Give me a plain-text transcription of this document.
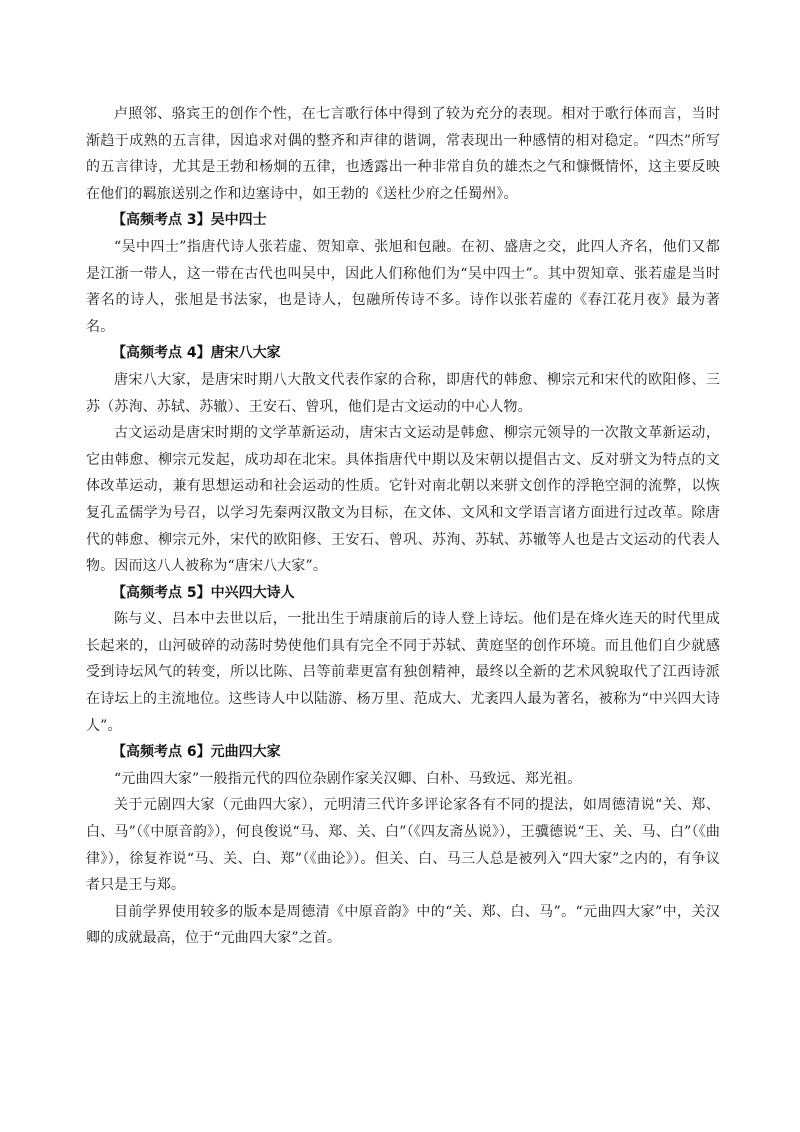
卢照邻、骆宾王的创作个性，在七言歌行体中得到了较为充分的表现。相对于歌行体而言，当时渐趋于成熟的五言律，因追求对偶的整齐和声律的谐调，常表现出一种感情的相对稳定。“四杰”所写的五言律诗，尤其是王勃和杨炯的五律，也透露出一种非常自负的雄杰之气和慷慨情怀，这主要反映在他们的羁旅送别之作和边塞诗中，如王勃的《送杜少府之任蜀州》。

【高频考点 3】吴中四士

“吴中四士”指唐代诗人张若虚、贺知章、张旭和包融。在初、盛唐之交，此四人齐名，他们又都是江浙一带人，这一带在古代也叫吴中，因此人们称他们为“吴中四士”。其中贺知章、张若虚是当时著名的诗人，张旭是书法家，也是诗人，包融所传诗不多。诗作以张若虚的《春江花月夜》最为著名。

【高频考点 4】唐宋八大家

唐宋八大家，是唐宋时期八大散文代表作家的合称，即唐代的韩愈、柳宗元和宋代的欧阳修、三苏（苏洵、苏轼、苏辙）、王安石、曾巩，他们是古文运动的中心人物。

古文运动是唐宋时期的文学革新运动，唐宋古文运动是韩愈、柳宗元领导的一次散文革新运动，它由韩愈、柳宗元发起，成功却在北宋。具体指唐代中期以及宋朝以提倡古文、反对骈文为特点的文体改革运动，兼有思想运动和社会运动的性质。它针对南北朝以来骈文创作的浮艳空洞的流弊，以恢复孔孟儒学为号召，以学习先秦两汉散文为目标，在文体、文风和文学语言诸方面进行过改革。除唐代的韩愈、柳宗元外，宋代的欧阳修、王安石、曾巩、苏洵、苏轼、苏辙等人也是古文运动的代表人物。因而这八人被称为“唐宋八大家”。

【高频考点 5】中兴四大诗人

陈与义、吕本中去世以后，一批出生于靖康前后的诗人登上诗坛。他们是在烽火连天的时代里成长起来的，山河破碎的动荡时势使他们具有完全不同于苏轼、黄庭坚的创作环境。而且他们自少就感受到诗坛风气的转变，所以比陈、吕等前辈更富有独创精神，最终以全新的艺术风貌取代了江西诗派在诗坛上的主流地位。这些诗人中以陆游、杨万里、范成大、尤袤四人最为著名，被称为“中兴四大诗人”。

【高频考点 6】元曲四大家

“元曲四大家”一般指元代的四位杂剧作家关汉卿、白朴、马致远、郑光祖。

关于元剧四大家（元曲四大家），元明清三代许多评论家各有不同的提法，如周德清说“关、郑、白、马”（《中原音韵》），何良俊说“马、郑、关、白”（《四友斋丛说》），王骥德说“王、关、马、白”（《曲律》），徐复祚说“马、关、白、郑”（《曲论》）。但关、白、马三人总是被列入“四大家”之内的，有争议者只是王与郑。

目前学界使用较多的版本是周德清《中原音韵》中的“关、郑、白、马”。“元曲四大家”中，关汉卿的成就最高，位于“元曲四大家”之首。
